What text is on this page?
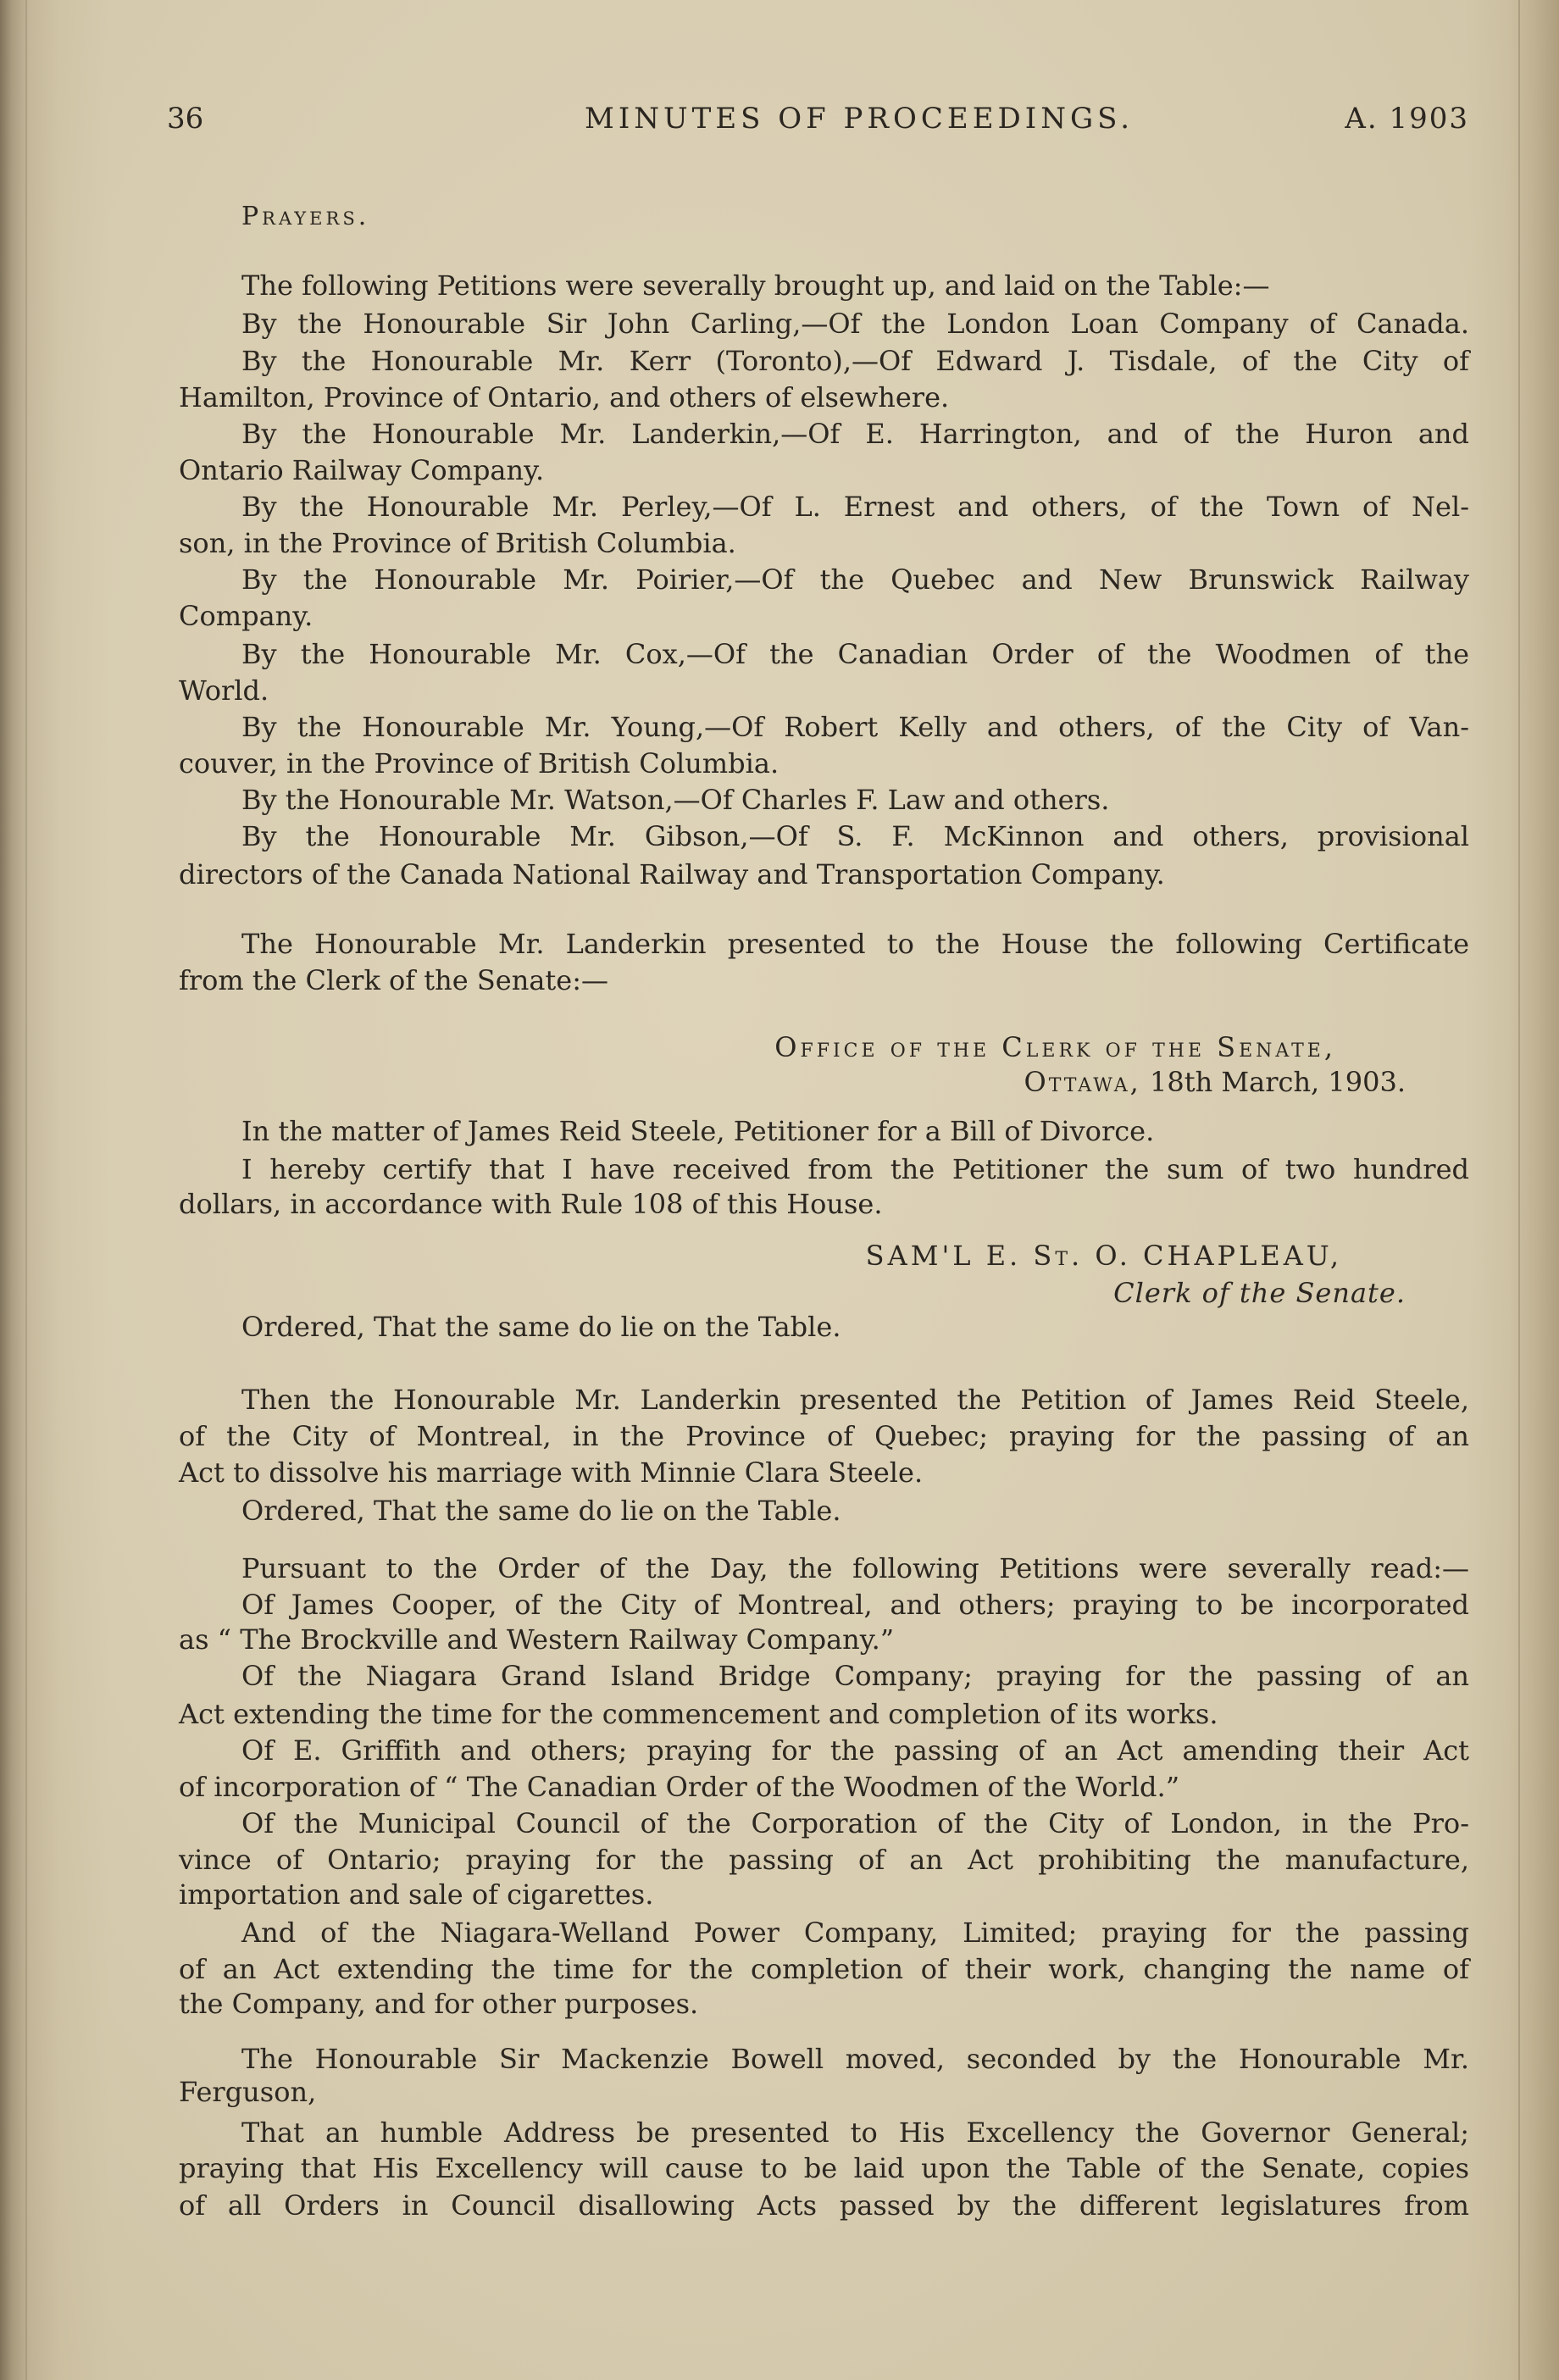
36	MINUTES OF PROCEEDINGS.	A. 1903
Prayers.
The following Petitions were severally brought up, and laid on the Table:—
By the Honourable Sir John Carling,—Of the London Loan Company of Canada.
By the Honourable Mr. Kerr (Toronto),—Of Edward J. Tisdale, of the City of
Hamilton, Province of Ontario, and others of elsewhere.
By the Honourable Mr. Landerkin,—Of E. Harrington, and of the Huron and
Ontario Railway Company.
By the Honourable Mr. Perley,—Of L. Ernest and others, of the Town of Nel-
son, in the Province of British Columbia.
By the Honourable Mr. Poirier,—Of the Quebec and New Brunswick Railway
Company.
By the Honourable Mr. Cox,—Of the Canadian Order of the Woodmen of the
World.
By the Honourable Mr. Young,—Of Robert Kelly and others, of the City of Van-
couver, in the Province of British Columbia.
By the Honourable Mr. Watson,—Of Charles F. Law and others.
By the Honourable Mr. Gibson,—Of S. F. McKinnon and others, provisional
directors of the Canada National Railway and Transportation Company.
The Honourable Mr. Landerkin presented to the House the following Certificate
from the Clerk of the Senate:—
Office of the Clerk of the Senate,
Ottawa, 18th March, 1903.
In the matter of James Reid Steele, Petitioner for a Bill of Divorce.
I hereby certify that I have received from the Petitioner the sum of two hundred
dollars, in accordance with Rule 108 of this House.
SAM'L E. St. O. CHAPLEAU,
Clerk of the Senate.
Ordered, That the same do lie on the Table.
Then the Honourable Mr. Landerkin presented the Petition of James Reid Steele,
of the City of Montreal, in the Province of Quebec; praying for the passing of an
Act to dissolve his marriage with Minnie Clara Steele.
Ordered, That the same do lie on the Table.
Pursuant to the Order of the Day, the following Petitions were severally read:—
Of James Cooper, of the City of Montreal, and others; praying to be incorporated
as “ The Brockville and Western Railway Company.”
Of the Niagara Grand Island Bridge Company; praying for the passing of an
Act extending the time for the commencement and completion of its works.
Of E. Griffith and others; praying for the passing of an Act amending their Act
of incorporation of “ The Canadian Order of the Woodmen of the World.”
Of the Municipal Council of the Corporation of the City of London, in the Pro-
vince of Ontario; praying for the passing of an Act prohibiting the manufacture,
importation and sale of cigarettes.
And of the Niagara-Welland Power Company, Limited; praying for the passing
of an Act extending the time for the completion of their work, changing the name of
the Company, and for other purposes.
The Honourable Sir Mackenzie Bowell moved, seconded by the Honourable Mr.
Ferguson,
That an humble Address be presented to His Excellency the Governor General;
praying that His Excellency will cause to be laid upon the Table of the Senate, copies
of all Orders in Council disallowing Acts passed by the different legislatures from
